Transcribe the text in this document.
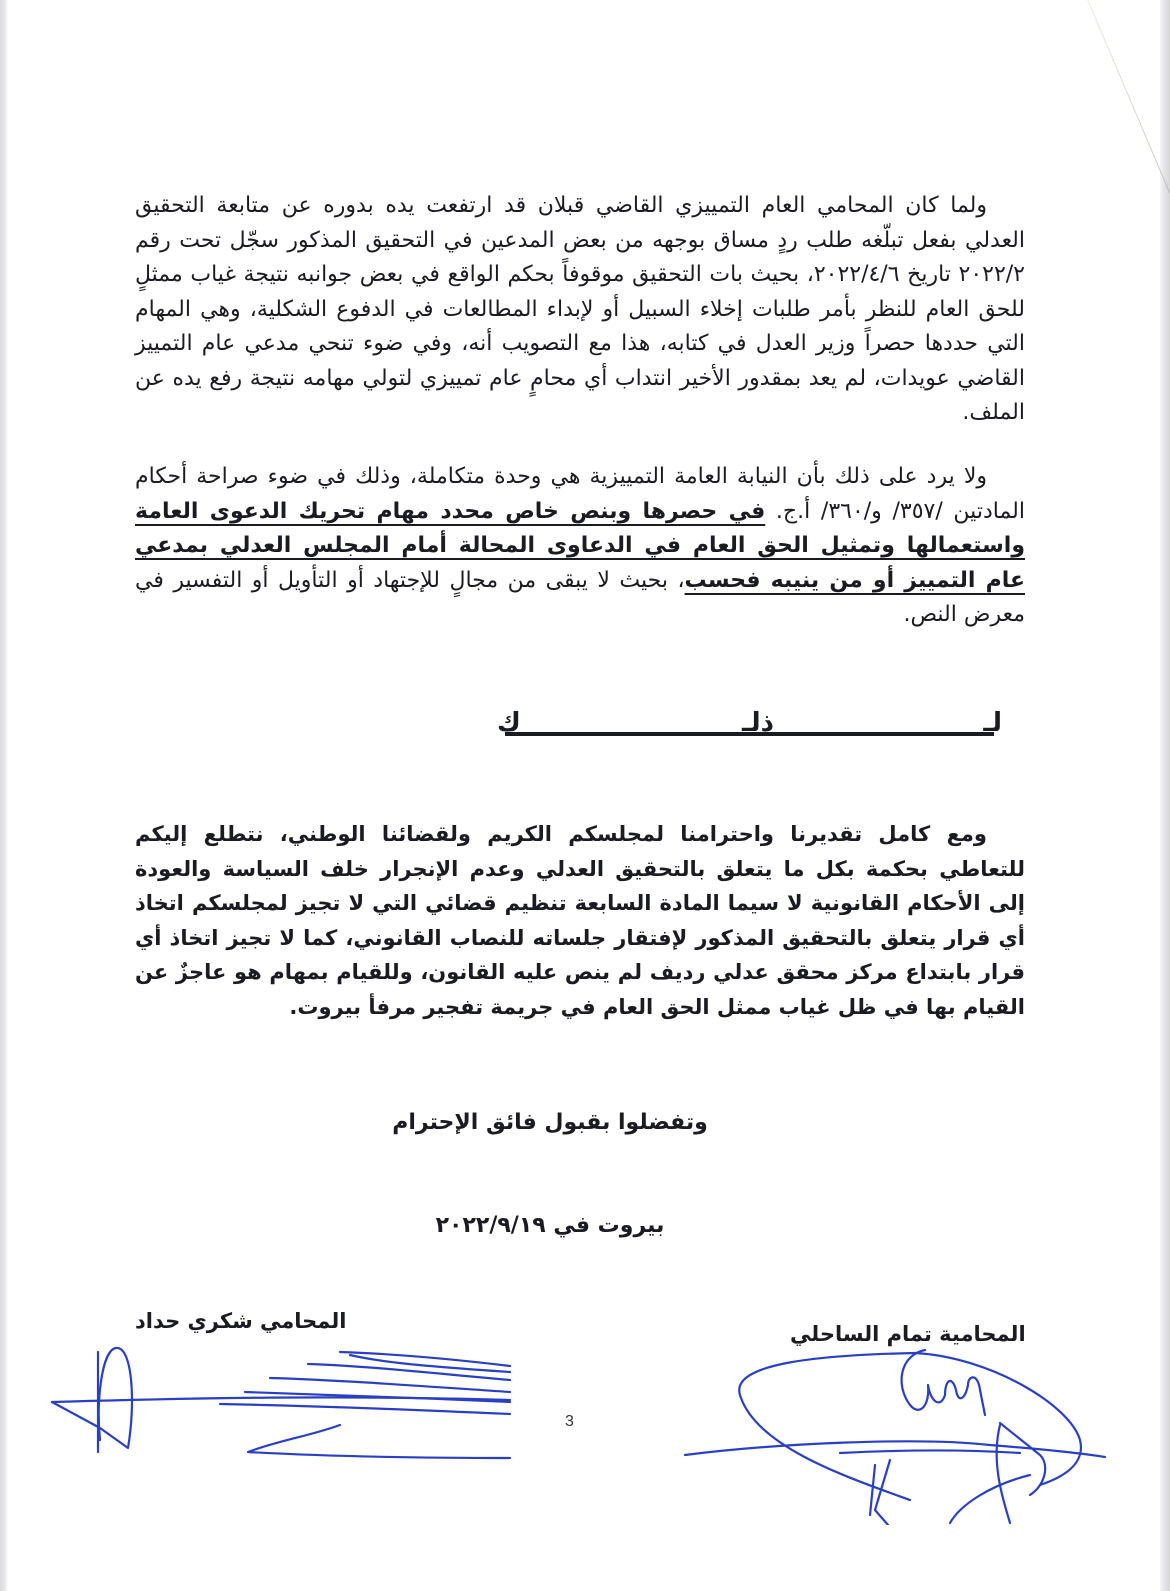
ولما كان المحامي العام التمييزي القاضي قبلان قد ارتفعت يده بدوره عن متابعة التحقيق العدلي بفعل تبلّغه طلب ردٍ مساق بوجهه من بعض المدعين في التحقيق المذكور سجّل تحت رقم ٢٠٢٢/٢ تاريخ ٢٠٢٢/٤/٦، بحيث بات التحقيق موقوفاً بحكم الواقع في بعض جوانبه نتيجة غياب ممثلٍ للحق العام للنظر بأمر طلبات إخلاء السبيل أو لإبداء المطالعات في الدفوع الشكلية، وهي المهام التي حددها حصراً وزير العدل في كتابه، هذا مع التصويب أنه، وفي ضوء تنحي مدعي عام التمييز القاضي عويدات، لم يعد بمقدور الأخير انتداب أي محامٍ عام تمييزي لتولي مهامه نتيجة رفع يده عن الملف.
ولا يرد على ذلك بأن النيابة العامة التمييزية هي وحدة متكاملة، وذلك في ضوء صراحة أحكام المادتين /٣٥٧/ و/٣٦٠/ أ.ج. في حصرها وبنص خاص محدد مهام تحريك الدعوى العامة واستعمالها وتمثيل الحق العام في الدعاوى المحالة أمام المجلس العدلي بمدعي عام التمييز أو من ينيبه فحسب، بحيث لا يبقى من مجالٍ للإجتهاد أو التأويل أو التفسير في معرض النص.
لـ
ذلـ
ك
ومع كامل تقديرنا واحترامنا لمجلسكم الكريم ولقضائنا الوطني، نتطلع إليكم للتعاطي بحكمة بكل ما يتعلق بالتحقيق العدلي وعدم الإنجرار خلف السياسة والعودة إلى الأحكام القانونية لا سيما المادة السابعة تنظيم قضائي التي لا تجيز لمجلسكم اتخاذ أي قرار يتعلق بالتحقيق المذكور لإفتقار جلساته للنصاب القانوني، كما لا تجيز اتخاذ أي قرار بابتداع مركز محقق عدلي رديف لم ينص عليه القانون، وللقيام بمهام هو عاجزٌ عن القيام بها في ظل غياب ممثل الحق العام في جريمة تفجير مرفأ بيروت.
وتفضلوا بقبول فائق الإحترام
بيروت في ٢٠٢٢/٩/١٩
المحامي شكري حداد
المحامية تمام الساحلي
3
